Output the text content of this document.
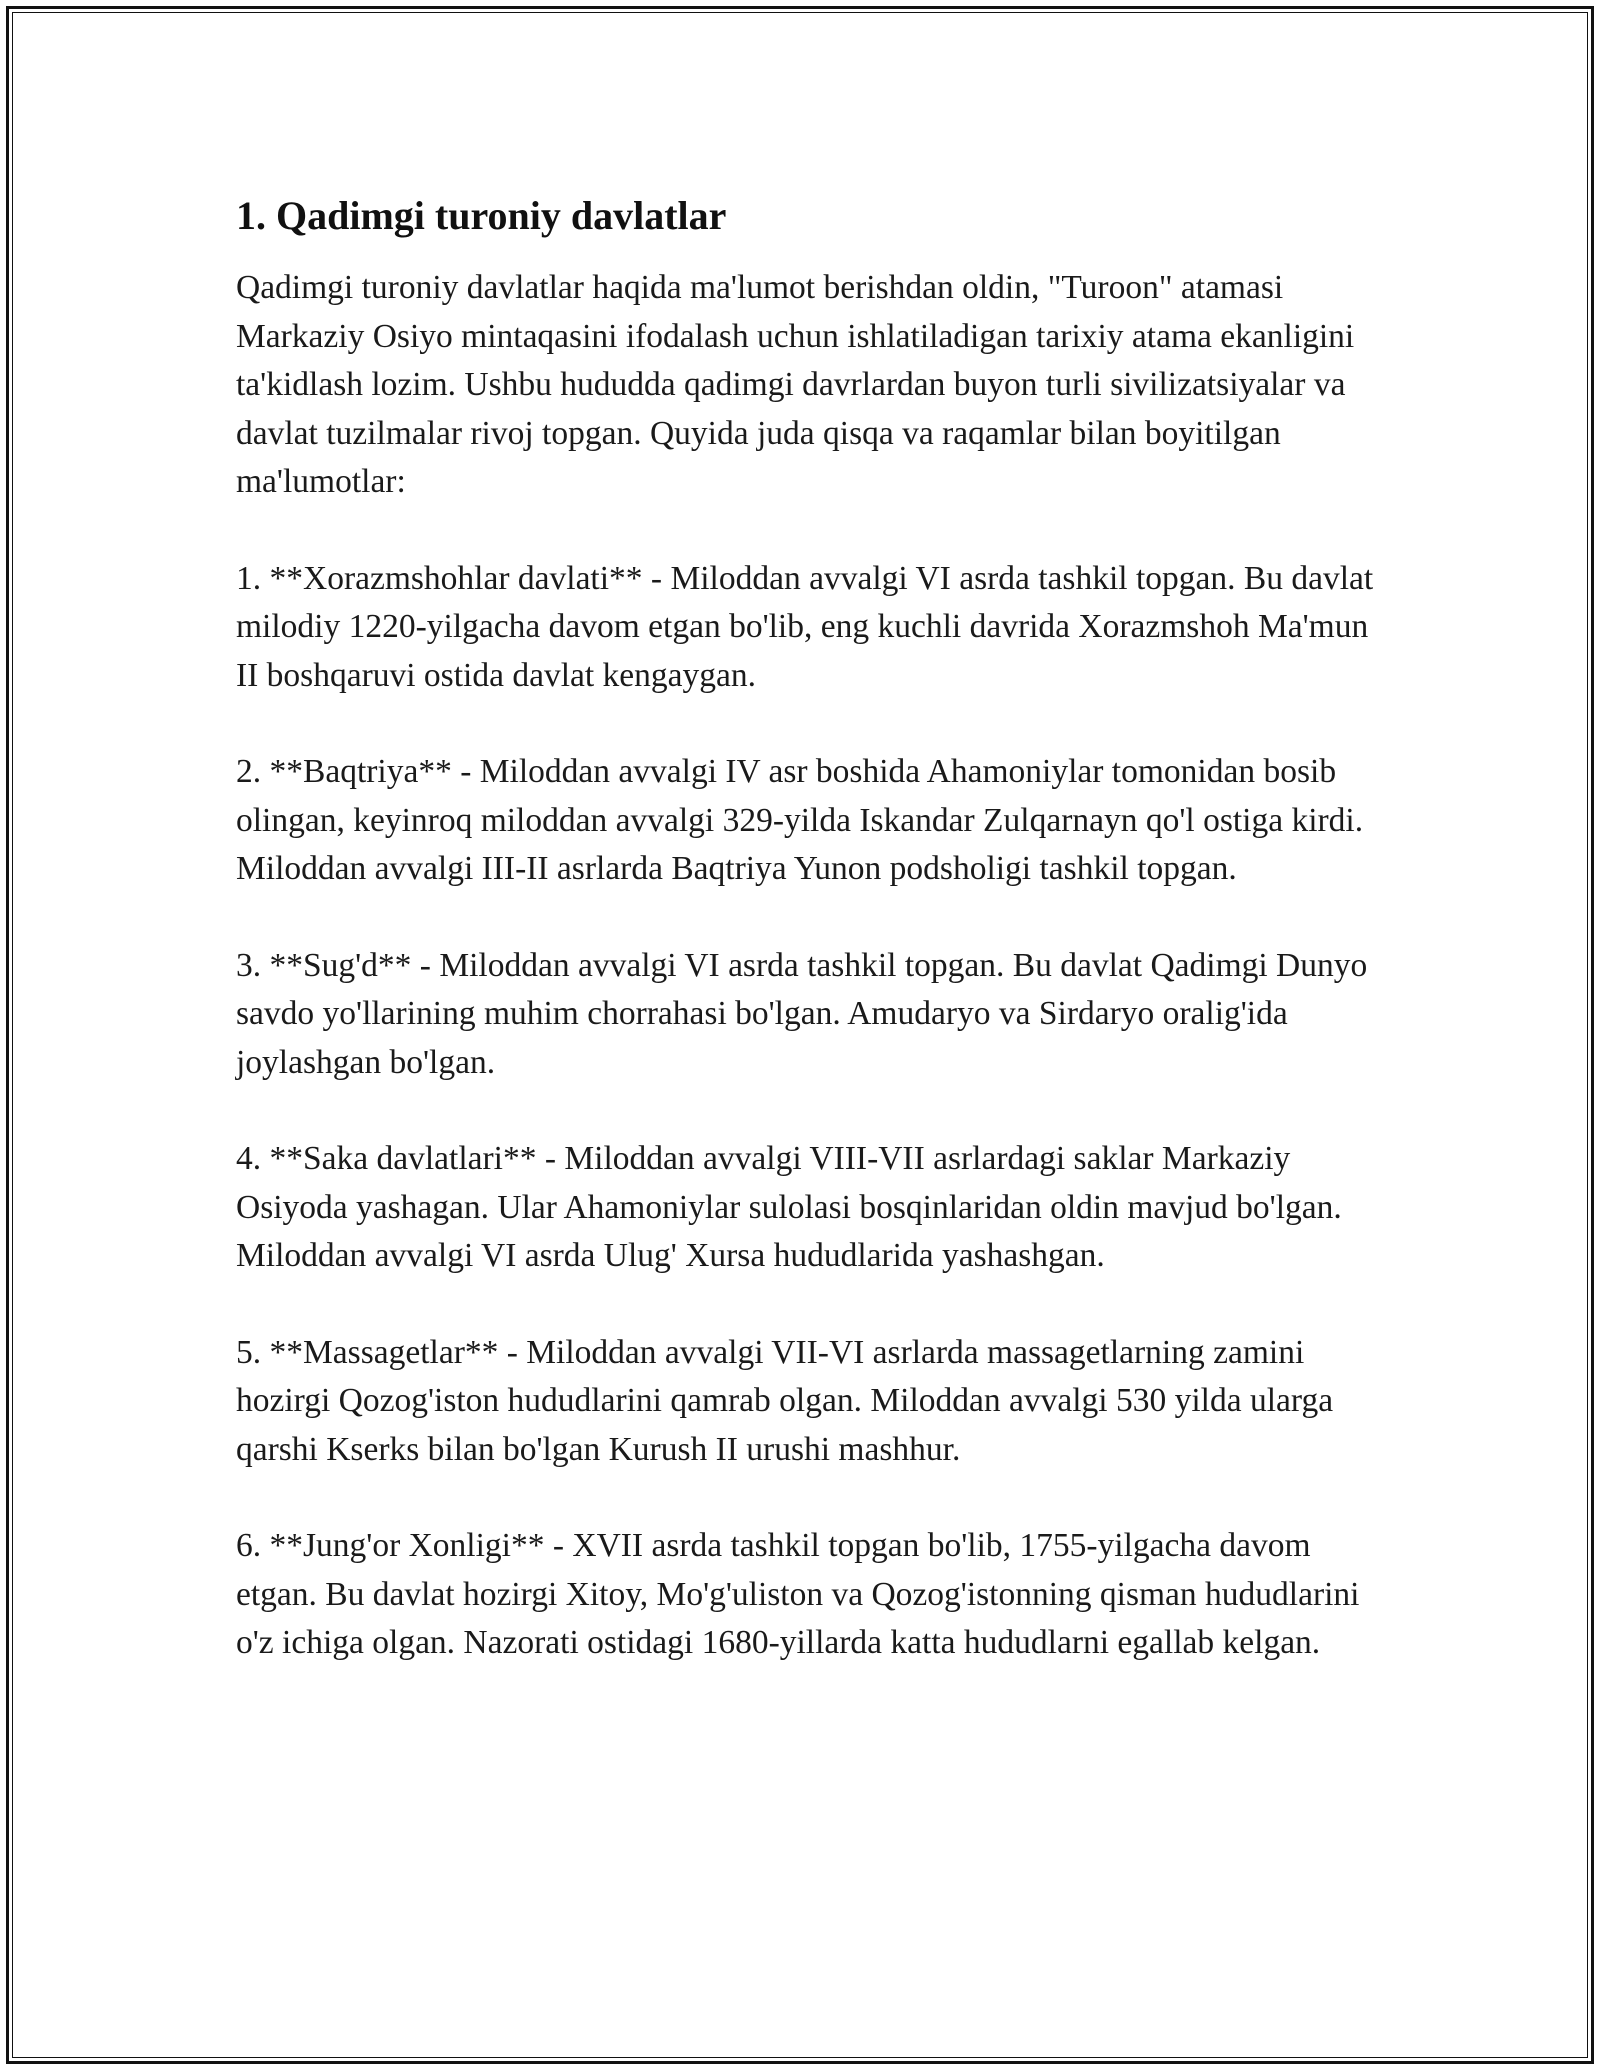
1. Qadimgi turoniy davlatlar

Qadimgi turoniy davlatlar haqida ma'lumot berishdan oldin, "Turoon" atamasi Markaziy Osiyo mintaqasini ifodalash uchun ishlatiladigan tarixiy atama ekanligini ta'kidlash lozim. Ushbu hududda qadimgi davrlardan buyon turli sivilizatsiyalar va davlat tuzilmalar rivoj topgan. Quyida juda qisqa va raqamlar bilan boyitilgan ma'lumotlar:

1. **Xorazmshohlar davlati** - Miloddan avvalgi VI asrda tashkil topgan. Bu davlat milodiy 1220-yilgacha davom etgan bo'lib, eng kuchli davrida Xorazmshoh Ma'mun II boshqaruvi ostida davlat kengaygan.

2. **Baqtriya** - Miloddan avvalgi IV asr boshida Ahamoniylar tomonidan bosib olingan, keyinroq miloddan avvalgi 329-yilda Iskandar Zulqarnayn qo'l ostiga kirdi. Miloddan avvalgi III-II asrlarda Baqtriya Yunon podsholigi tashkil topgan.

3. **Sug'd** - Miloddan avvalgi VI asrda tashkil topgan. Bu davlat Qadimgi Dunyo savdo yo'llarining muhim chorrahasi bo'lgan. Amudaryo va Sirdaryo oralig'ida joylashgan bo'lgan.

4. **Saka davlatlari** - Miloddan avvalgi VIII-VII asrlardagi saklar Markaziy Osiyoda yashagan. Ular Ahamoniylar sulolasi bosqinlaridan oldin mavjud bo'lgan. Miloddan avvalgi VI asrda Ulug' Xursa hududlarida yashashgan.

5. **Massagetlar** - Miloddan avvalgi VII-VI asrlarda massagetlarning zamini hozirgi Qozog'iston hududlarini qamrab olgan. Miloddan avvalgi 530 yilda ularga qarshi Kserks bilan bo'lgan Kurush II urushi mashhur.

6. **Jung'or Xonligi** - XVII asrda tashkil topgan bo'lib, 1755-yilgacha davom etgan. Bu davlat hozirgi Xitoy, Mo'g'uliston va Qozog'istonning qisman hududlarini o'z ichiga olgan. Nazorati ostidagi 1680-yillarda katta hududlarni egallab kelgan.
